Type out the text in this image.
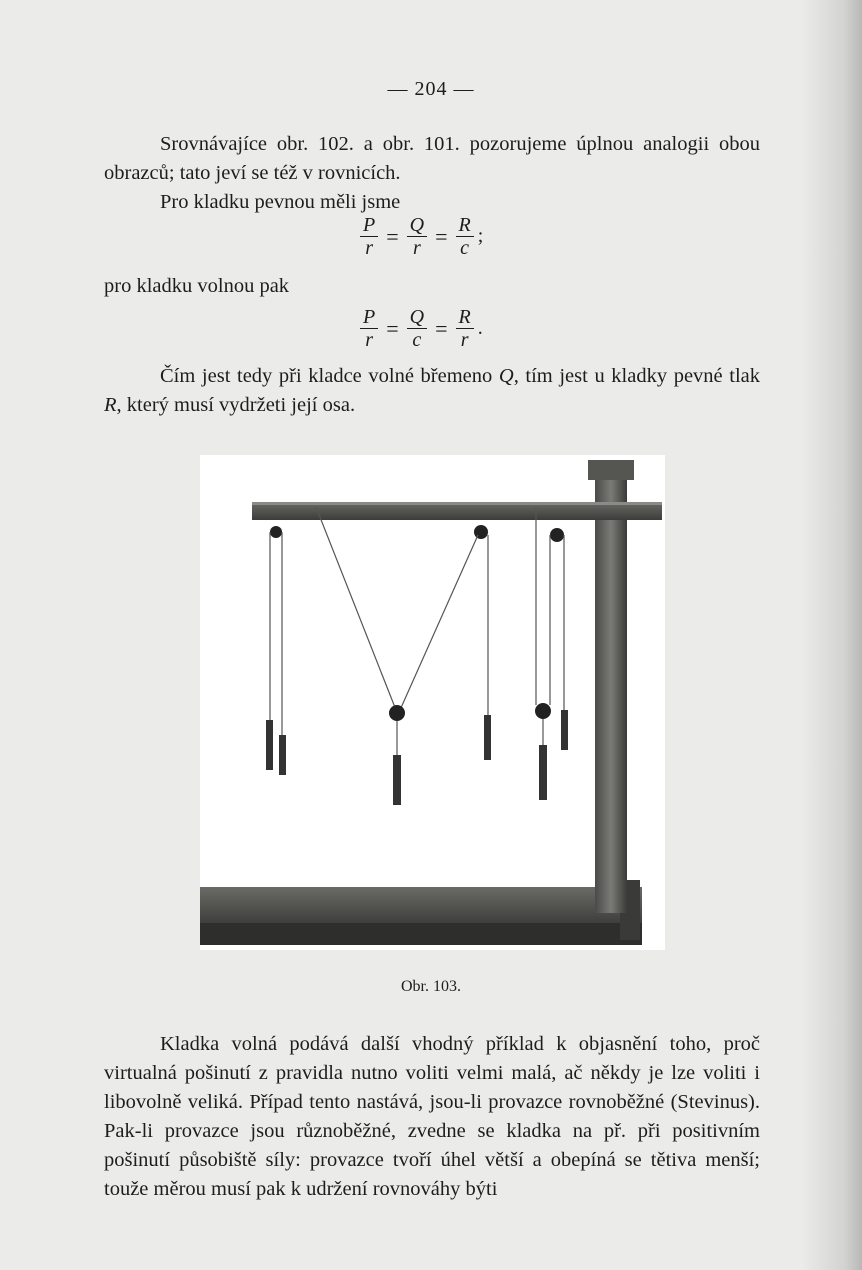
— 204 —

Srovnávajíce obr. 102. a obr. 101. pozorujeme úplnou analogii obou obrazců; tato jeví se též v rovnicích.

Pro kladku pevnou měli jsme

$\frac{P}{r} = \frac{Q}{r} = \frac{R}{c}$ ;

pro kladku volnou pak

$\frac{P}{r} = \frac{Q}{c} = \frac{R}{r}$ .

Čím jest tedy při kladce volné břemeno Q, tím jest u kladky pevné tlak R, který musí vydržeti její osa.

Obr. 103.

Kladka volná podává další vhodný příklad k objasnění toho, proč virtualná pošinutí z pravidla nutno voliti velmi malá, ač někdy je lze voliti i libovolně veliká. Případ tento nastává, jsou-li provazce rovnoběžné (Stevinus). Pak-li provazce jsou různoběžné, zvedne se kladka na př. při positivním pošinutí působiště síly: provazce tvoří úhel větší a obepíná se tětiva menší; touže měrou musí pak k udržení rovnováhy býti
